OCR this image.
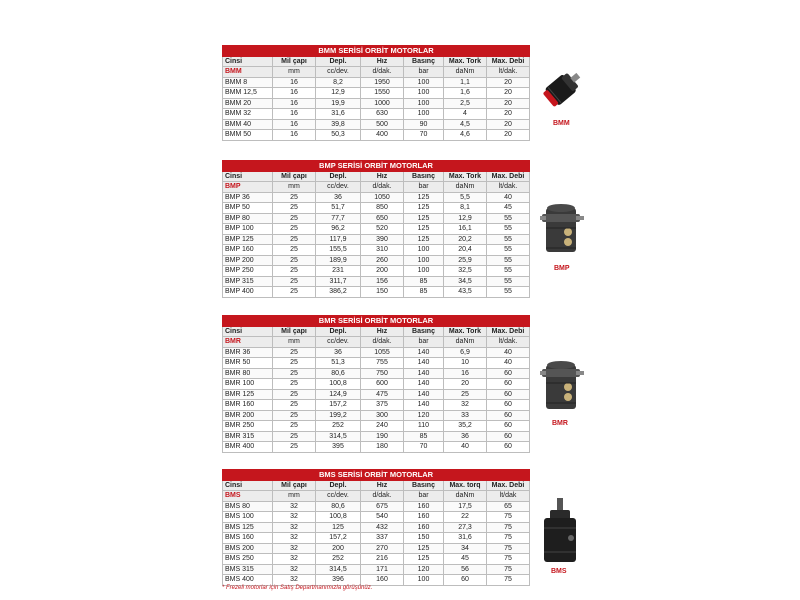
BMM SERİSİ ORBİT MOTORLAR						
Cinsi	Mil çapı	Depl.	Hız	Basınç	Max. Tork	Max. Debi
BMM	mm	cc/dev.	d/dak.	bar	daNm	lt/dak.
BMM 8	16	8,2	1950	100	1,1	20
BMM 12,5	16	12,9	1550	100	1,6	20
BMM 20	16	19,9	1000	100	2,5	20
BMM 32	16	31,6	630	100	4	20
BMM 40	16	39,8	500	90	4,5	20
BMM 50	16	50,3	400	70	4,6	20
BMP SERİSİ ORBİT MOTORLAR						
Cinsi	Mil çapı	Depl.	Hız	Basınç	Max. Tork	Max. Debi
BMP	mm	cc/dev.	d/dak.	bar	daNm	lt/dak.
BMP 36	25	36	1050	125	5,5	40
BMP 50	25	51,7	850	125	8,1	45
BMP 80	25	77,7	650	125	12,9	55
BMP 100	25	96,2	520	125	16,1	55
BMP 125	25	117,9	390	125	20,2	55
BMP 160	25	155,5	310	100	20,4	55
BMP 200	25	189,9	260	100	25,9	55
BMP 250	25	231	200	100	32,5	55
BMP 315	25	311,7	156	85	34,5	55
BMP 400	25	386,2	150	85	43,5	55
BMR SERİSİ ORBİT MOTORLAR						
Cinsi	Mil çapı	Depl.	Hız	Basınç	Max. Tork	Max. Debi
BMR	mm	cc/dev.	d/dak.	bar	daNm	lt/dak.
BMR 36	25	36	1055	140	6,9	40
BMR 50	25	51,3	755	140	10	40
BMR 80	25	80,6	750	140	16	60
BMR 100	25	100,8	600	140	20	60
BMR 125	25	124,9	475	140	25	60
BMR 160	25	157,2	375	140	32	60
BMR 200	25	199,2	300	120	33	60
BMR 250	25	252	240	110	35,2	60
BMR 315	25	314,5	190	85	36	60
BMR 400	25	395	180	70	40	60
BMS SERİSİ ORBİT MOTORLAR						
Cinsi	Mil çapı	Depl.	Hız	Basınç	Max. torq	Max. Debi
BMS	mm	cc/dev.	d/dak.	bar	daNm	lt/dak
BMS 80	32	80,6	675	160	17,5	65
BMS 100	32	100,8	540	160	22	75
BMS 125	32	125	432	160	27,3	75
BMS 160	32	157,2	337	150	31,6	75
BMS 200	32	200	270	125	34	75
BMS 250	32	252	216	125	45	75
BMS 315	32	314,5	171	120	56	75
BMS 400	32	396	160	100	60	75
BMM
BMP
BMR
BMS
* Frezeli motorlar için Satış Departmanımızla görüşünüz.
